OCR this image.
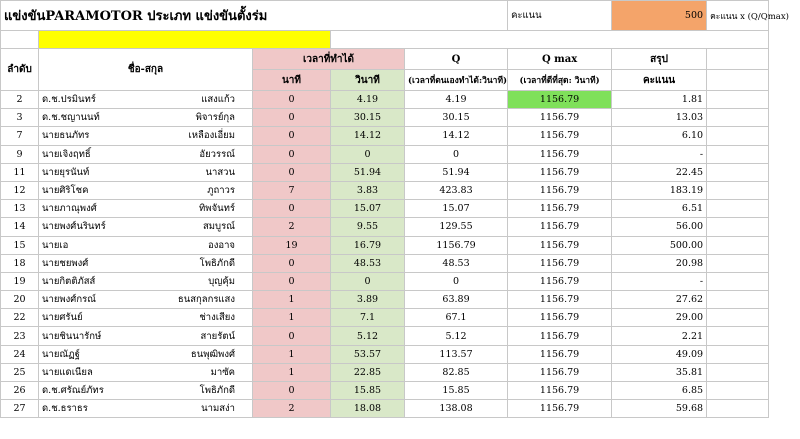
แข่งขันPARAMOTOR ประเภท แข่งขันตั้งร่ม					คะแนน	500	คะแนน x (Q/Qmax)

ลำดับ	ชื่อ-สกุล	เวลาที่ทำได้		Q	Q max	สรุป	
		นาที	วินาที	(เวลาที่ตนเองทำได้:วินาที)	(เวลาที่ดีที่สุด: วินาที)	คะแนน	
2	ด.ช.ปรมินทร์ แสงแก้ว	0	4.19	4.19	1156.79	1.81	
3	ด.ช.ชญานนท์ พิจารย์กุล	0	30.15	30.15	1156.79	13.03	
7	นายธนภัทร เหลืองเอี่ยม	0	14.12	14.12	1156.79	6.10	
9	นายเจิงฤทธิ์ อัยวรรณ์	0	0	0	1156.79	-	
11	นายยุรนันท์ นาสวน	0	51.94	51.94	1156.79	22.45	
12	นายศิริโชค ภูถาวร	7	3.83	423.83	1156.79	183.19	
13	นายภาณุพงศ์ ทิพจันทร์	0	15.07	15.07	1156.79	6.51	
14	นายพงศ์นรินทร์ สมบูรณ์	2	9.55	129.55	1156.79	56.00	
15	นายเอ องอาจ	19	16.79	1156.79	1156.79	500.00	
18	นายชยพงศ์ โพธิภักดี	0	48.53	48.53	1156.79	20.98	
19	นายกิตติภัสส์ บุญคุ้ม	0	0	0	1156.79	-	
20	นายพงศ์กรณ์ ธนสกุลกรแสง	1	3.89	63.89	1156.79	27.62	
22	นายศรันย์ ช่างเสียง	1	7.1	67.1	1156.79	29.00	
23	นายชินนารักษ์ สายรัตน์	0	5.12	5.12	1156.79	2.21	
24	นายณัฏฐ์ ธนพุฒิพงศ์	1	53.57	113.57	1156.79	49.09	
25	นายแดเนียล มาซัค	1	22.85	82.85	1156.79	35.81	
26	ด.ช.ศรัณย์ภัทร โพธิภักดี	0	15.85	15.85	1156.79	6.85	
27	ด.ช.ธราธร นามสง่า	2	18.08	138.08	1156.79	59.68	
